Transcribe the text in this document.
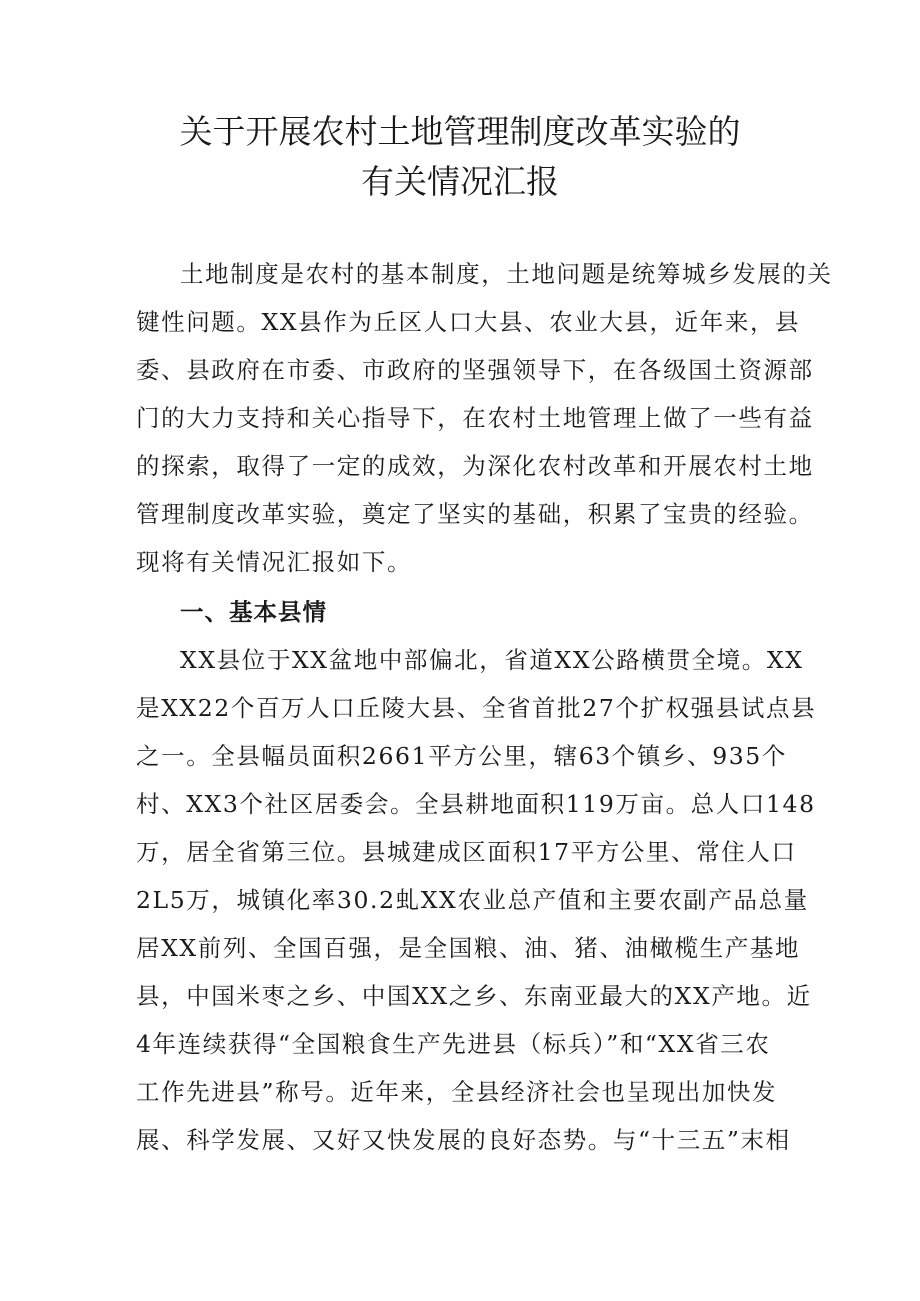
关于开展农村土地管理制度改革实验的
有关情况汇报

土地制度是农村的基本制度，土地问题是统筹城乡发展的关

键性问题。XX县作为丘区人口大县、农业大县，近年来，县

委、县政府在市委、市政府的坚强领导下，在各级国土资源部

门的大力支持和关心指导下，在农村土地管理上做了一些有益

的探索，取得了一定的成效，为深化农村改革和开展农村土地

管理制度改革实验，奠定了坚实的基础，积累了宝贵的经验。

现将有关情况汇报如下。

一、基本县情

XX县位于XX盆地中部偏北，省道XX公路横贯全境。XX

是XX22个百万人口丘陵大县、全省首批27个扩权强县试点县

之一。全县幅员面积2661平方公里，辖63个镇乡、935个

村、XX3个社区居委会。全县耕地面积119万亩。总人口148

万，居全省第三位。县城建成区面积17平方公里、常住人口

2L5万，城镇化率30.2虬XX农业总产值和主要农副产品总量

居XX前列、全国百强，是全国粮、油、猪、油橄榄生产基地

县，中国米枣之乡、中国XX之乡、东南亚最大的XX产地。近

4年连续获得“全国粮食生产先进县（标兵）”和“XX省三农

工作先进县”称号。近年来，全县经济社会也呈现出加快发

展、科学发展、又好又快发展的良好态势。与“十三五”末相
